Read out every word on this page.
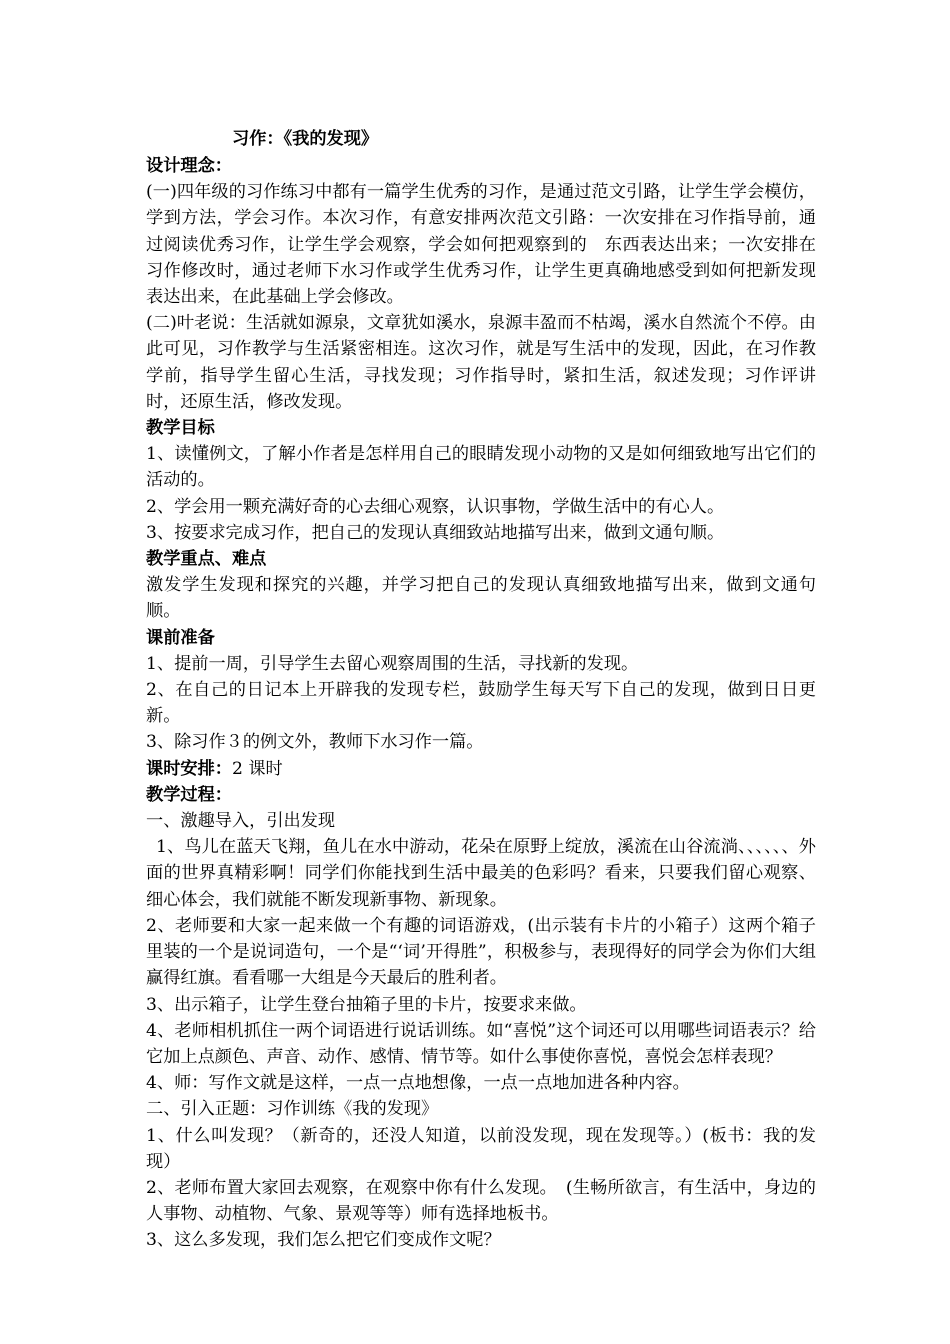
习作：《我的发现》

设计理念：

(一)四年级的习作练习中都有一篇学生优秀的习作，是通过范文引路，让学生学会模仿，学到方法，学会习作。本次习作，有意安排两次范文引路：一次安排在习作指导前，通过阅读优秀习作，让学生学会观察，学会如何把观察到的　东西表达出来；一次安排在习作修改时，通过老师下水习作或学生优秀习作，让学生更真确地感受到如何把新发现表达出来，在此基础上学会修改。

(二)叶老说：生活就如源泉，文章犹如溪水，泉源丰盈而不枯竭，溪水自然流个不停。由此可见，习作教学与生活紧密相连。这次习作，就是写生活中的发现，因此，在习作教学前，指导学生留心生活，寻找发现；习作指导时，紧扣生活，叙述发现；习作评讲时，还原生活，修改发现。

教学目标

1、读懂例文，了解小作者是怎样用自己的眼睛发现小动物的又是如何细致地写出它们的活动的。

2、学会用一颗充满好奇的心去细心观察，认识事物，学做生活中的有心人。

3、按要求完成习作，把自己的发现认真细致站地描写出来，做到文通句顺。

教学重点、难点

激发学生发现和探究的兴趣，并学习把自己的发现认真细致地描写出来，做到文通句顺。

课前准备

1、提前一周，引导学生去留心观察周围的生活，寻找新的发现。

2、在自己的日记本上开辟我的发现专栏，鼓励学生每天写下自己的发现，做到日日更新。

3、除习作３的例文外，教师下水习作一篇。

课时安排：2 课时

教学过程：

一、激趣导入，引出发现

1、鸟儿在蓝天飞翔，鱼儿在水中游动，花朵在原野上绽放，溪流在山谷流淌、、、、、、外面的世界真精彩啊！同学们你能找到生活中最美的色彩吗？看来，只要我们留心观察、细心体会，我们就能不断发现新事物、新现象。

2、老师要和大家一起来做一个有趣的词语游戏，(出示装有卡片的小箱子）这两个箱子里装的一个是说词造句，一个是“‘词’开得胜”，积极参与，表现得好的同学会为你们大组赢得红旗。看看哪一大组是今天最后的胜利者。

3、出示箱子，让学生登台抽箱子里的卡片，按要求来做。

4、老师相机抓住一两个词语进行说话训练。如“喜悦”这个词还可以用哪些词语表示？给它加上点颜色、声音、动作、感情、情节等。如什么事使你喜悦，喜悦会怎样表现？

4、师：写作文就是这样，一点一点地想像，一点一点地加进各种内容。

二、引入正题：习作训练《我的发现》

1、什么叫发现？（新奇的，还没人知道，以前没发现，现在发现等。）(板书：我的发现）

2、老师布置大家回去观察，在观察中你有什么发现。　(生畅所欲言，有生活中，身边的人事物、动植物、气象、景观等等）师有选择地板书。

3、这么多发现，我们怎么把它们变成作文呢？
